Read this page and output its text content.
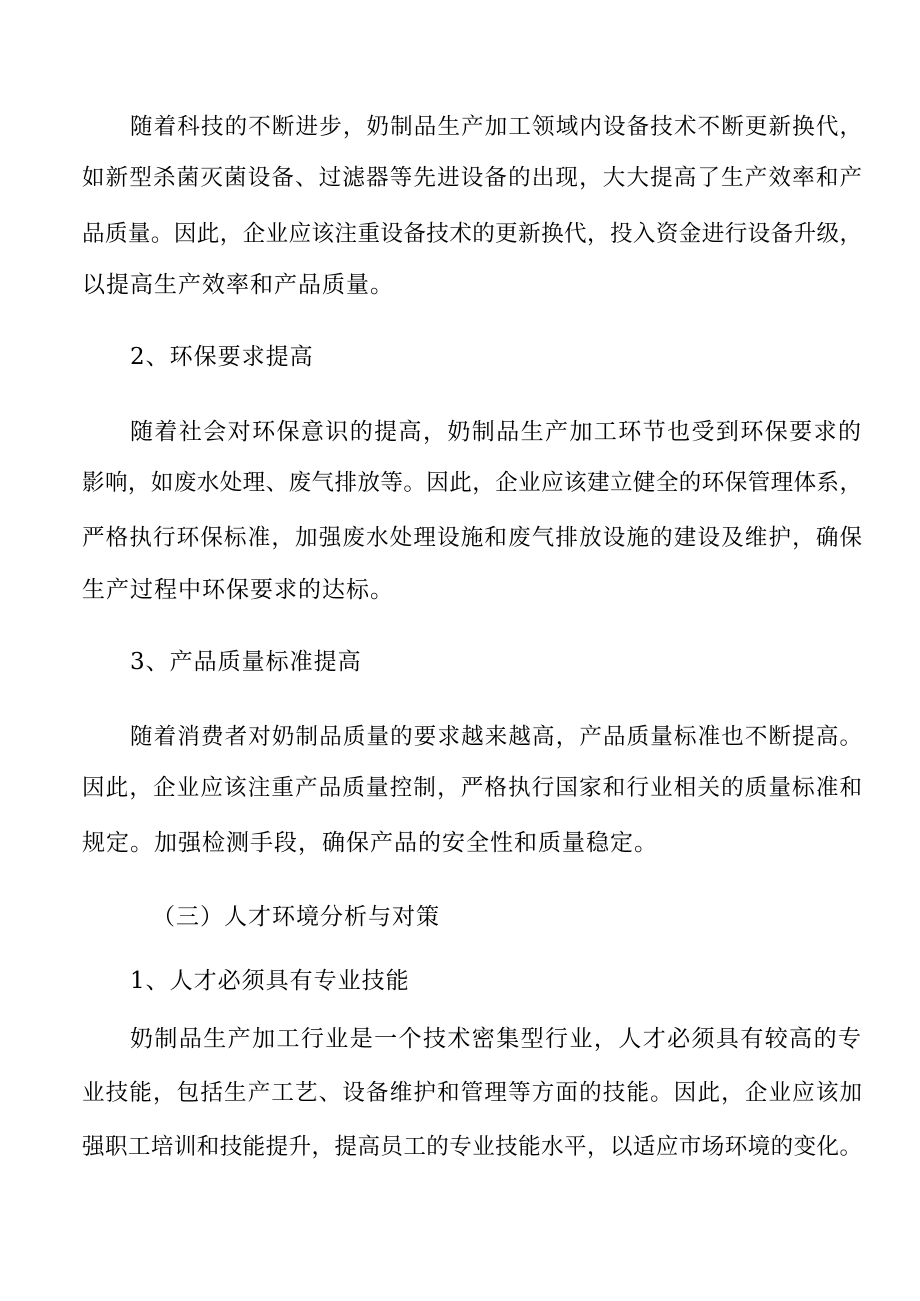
随着科技的不断进步，奶制品生产加工领域内设备技术不断更新换代，
如新型杀菌灭菌设备、过滤器等先进设备的出现，大大提高了生产效率和产
品质量。因此，企业应该注重设备技术的更新换代，投入资金进行设备升级，
以提高生产效率和产品质量。
2、环保要求提高
随着社会对环保意识的提高，奶制品生产加工环节也受到环保要求的
影响，如废水处理、废气排放等。因此，企业应该建立健全的环保管理体系，
严格执行环保标准，加强废水处理设施和废气排放设施的建设及维护，确保
生产过程中环保要求的达标。
3、产品质量标准提高
随着消费者对奶制品质量的要求越来越高，产品质量标准也不断提高。
因此，企业应该注重产品质量控制，严格执行国家和行业相关的质量标准和
规定。加强检测手段，确保产品的安全性和质量稳定。
（三）人才环境分析与对策
1、人才必须具有专业技能
奶制品生产加工行业是一个技术密集型行业，人才必须具有较高的专
业技能，包括生产工艺、设备维护和管理等方面的技能。因此，企业应该加
强职工培训和技能提升，提高员工的专业技能水平，以适应市场环境的变化。
